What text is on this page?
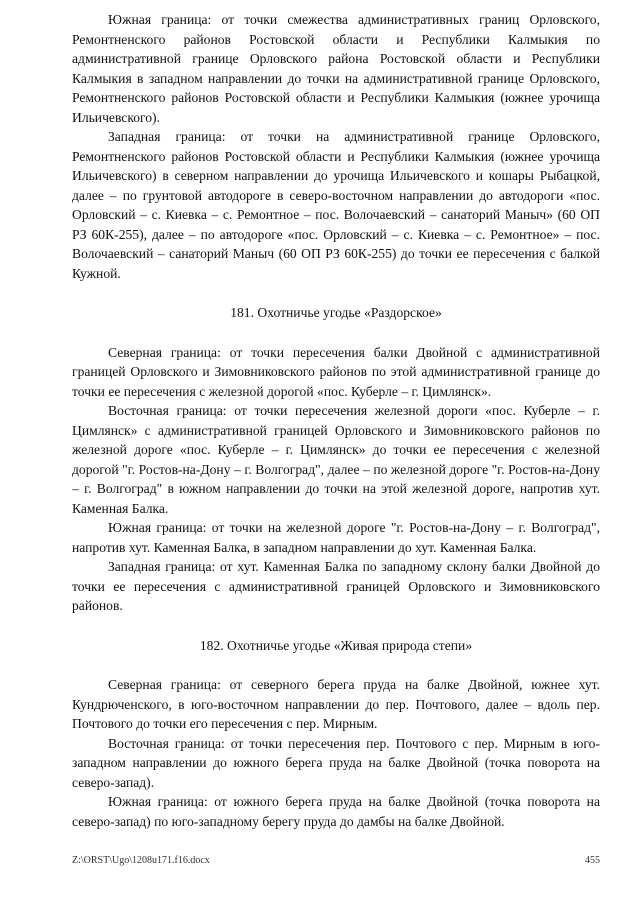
Южная граница: от точки смежества административных границ Орловского, Ремонтненского районов Ростовской области и Республики Калмыкия по административной границе Орловского района Ростовской области и Республики Калмыкия в западном направлении до точки на административной границе Орловского, Ремонтненского районов Ростовской области и Республики Калмыкия (южнее урочища Ильичевского).

Западная граница: от точки на административной границе Орловского, Ремонтненского районов Ростовской области и Республики Калмыкия (южнее урочища Ильичевского) в северном направлении до урочища Ильичевского и кошары Рыбацкой, далее – по грунтовой автодороге в северо-восточном направлении до автодороги «пос. Орловский – с. Киевка – с. Ремонтное – пос. Волочаевский – санаторий Маныч» (60 ОП РЗ 60К-255), далее – по автодороге «пос. Орловский – с. Киевка – с. Ремонтное» – пос. Волочаевский – санаторий Маныч (60 ОП РЗ 60К-255) до точки ее пересечения с балкой Кужной.

181. Охотничье угодье «Раздорское»

Северная граница: от точки пересечения балки Двойной с административной границей Орловского и Зимовниковского районов по этой административной границе до точки ее пересечения с железной дорогой «пос. Куберле – г. Цимлянск».

Восточная граница: от точки пересечения железной дороги «пос. Куберле – г. Цимлянск» с административной границей Орловского и Зимовниковского районов по железной дороге «пос. Куберле – г. Цимлянск» до точки ее пересечения с железной дорогой "г. Ростов-на-Дону – г. Волгоград", далее – по железной дороге "г. Ростов-на-Дону – г. Волгоград" в южном направлении до точки на этой железной дороге, напротив хут. Каменная Балка.

Южная граница: от точки на железной дороге "г. Ростов-на-Дону – г. Волгоград", напротив хут. Каменная Балка, в западном направлении до хут. Каменная Балка.

Западная граница: от хут. Каменная Балка по западному склону балки Двойной до точки ее пересечения с административной границей Орловского и Зимовниковского районов.

182. Охотничье угодье «Живая природа степи»

Северная граница: от северного берега пруда на балке Двойной, южнее хут. Кундрюченского, в юго-восточном направлении до пер. Почтового, далее – вдоль пер. Почтового до точки его пересечения с пер. Мирным.

Восточная граница: от точки пересечения пер. Почтового с пер. Мирным в юго-западном направлении до южного берега пруда на балке Двойной (точка поворота на северо-запад).

Южная граница: от южного берега пруда на балке Двойной (точка поворота на северо-запад) по юго-западному берегу пруда до дамбы на балке Двойной.

Z:\ORST\Ugo\1208u171.f16.docx	455
